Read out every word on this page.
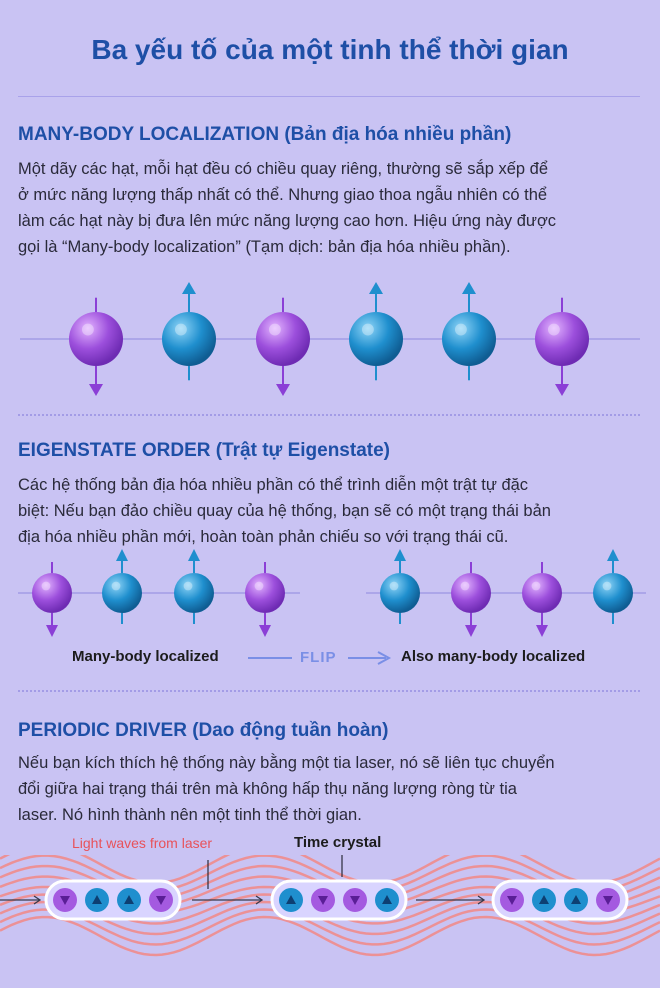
Ba yếu tố của một tinh thể thời gian
MANY-BODY LOCALIZATION (Bản địa hóa nhiều phần)
Một dãy các hạt, mỗi hạt đều có chiều quay riêng, thường sẽ sắp xếp để
ở mức năng lượng thấp nhất có thể. Nhưng giao thoa ngẫu nhiên có thể
làm các hạt này bị đưa lên mức năng lượng cao hơn. Hiệu ứng này được
gọi là “Many-body localization” (Tạm dịch: bản địa hóa nhiều phần).
EIGENSTATE ORDER (Trật tự Eigenstate)
Các hệ thống bản địa hóa nhiều phần có thể trình diễn một trật tự đặc
biệt: Nếu bạn đảo chiều quay của hệ thống, bạn sẽ có một trạng thái bản
địa hóa nhiều phần mới, hoàn toàn phản chiếu so với trạng thái cũ.
Many-body localized	FLIP	Also many-body localized
PERIODIC DRIVER (Dao động tuần hoàn)
Nếu bạn kích thích hệ thống này bằng một tia laser, nó sẽ liên tục chuyển
đổi giữa hai trạng thái trên mà không hấp thụ năng lượng ròng từ tia
laser. Nó hình thành nên một tinh thể thời gian.
Light waves from laser	Time crystal
